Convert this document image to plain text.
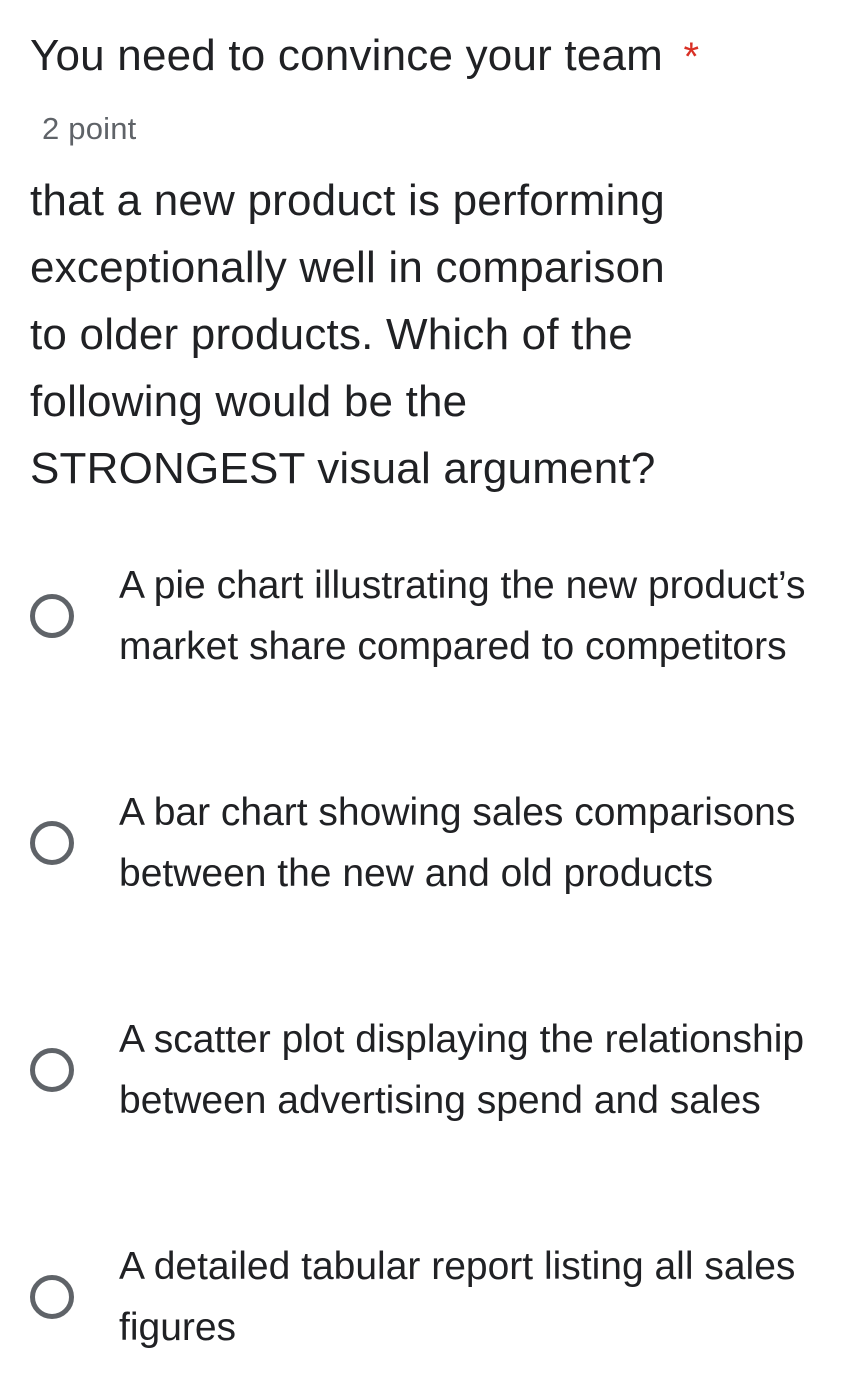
You need to convince your team * 2 point
that a new product is performing exceptionally well in comparison to older products. Which of the following would be the STRONGEST visual argument?
A pie chart illustrating the new product’s market share compared to competitors
A bar chart showing sales comparisons between the new and old products
A scatter plot displaying the relationship between advertising spend and sales
A detailed tabular report listing all sales figures
